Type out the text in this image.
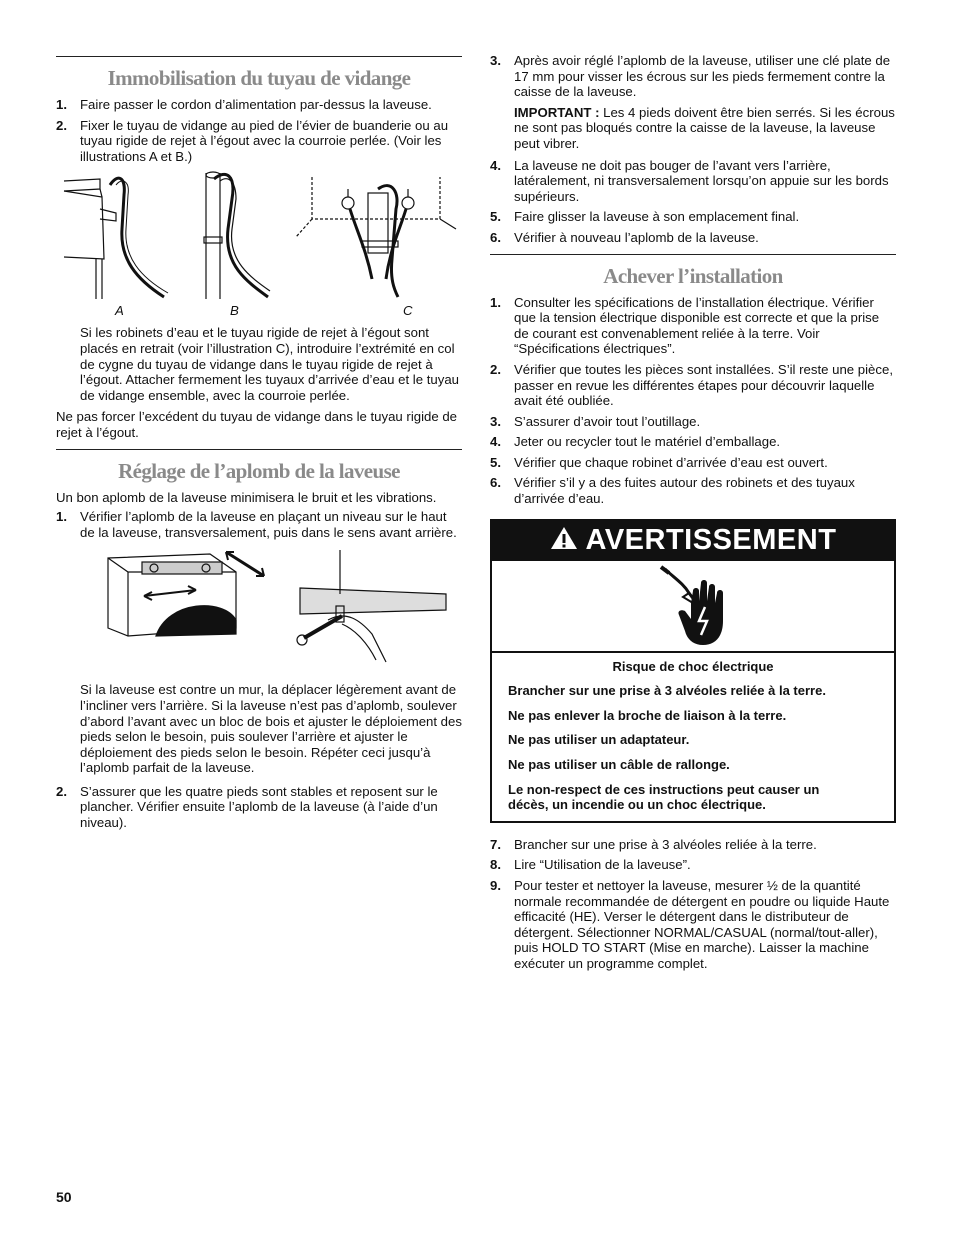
Immobilisation du tuyau de vidange
1. Faire passer le cordon d’alimentation par-dessus la laveuse.
2. Fixer le tuyau de vidange au pied de l’évier de buanderie ou au tuyau rigide de rejet à l’égout avec la courroie perlée. (Voir les illustrations A et B.)
A	B	C

Si les robinets d’eau et le tuyau rigide de rejet à l’égout sont placés en retrait (voir l’illustration C), introduire l’extrémité en col de cygne du tuyau de vidange dans le tuyau rigide de rejet à l’égout. Attacher fermement les tuyaux d’arrivée d’eau et le tuyau de vidange ensemble, avec la courroie perlée.

Ne pas forcer l’excédent du tuyau de vidange dans le tuyau rigide de rejet à l’égout.

Réglage de l’aplomb de la laveuse

Un bon aplomb de la laveuse minimisera le bruit et les vibrations.

1. Vérifier l’aplomb de la laveuse en plaçant un niveau sur le haut de la laveuse, transversalement, puis dans le sens avant arrière.

Si la laveuse est contre un mur, la déplacer légèrement avant de l’incliner vers l’arrière. Si la laveuse n’est pas d’aplomb, soulever d’abord l’avant avec un bloc de bois et ajuster le déploiement des pieds selon le besoin, puis soulever l’arrière et ajuster le déploiement des pieds selon le besoin. Répéter ceci jusqu’à l’aplomb parfait de la laveuse.

2. S’assurer que les quatre pieds sont stables et reposent sur le plancher. Vérifier ensuite l’aplomb de la laveuse (à l’aide d’un niveau).
3. Après avoir réglé l’aplomb de la laveuse, utiliser une clé plate de 17 mm pour visser les écrous sur les pieds fermement contre la caisse de la laveuse.

IMPORTANT : Les 4 pieds doivent être bien serrés. Si les écrous ne sont pas bloqués contre la caisse de la laveuse, la laveuse peut vibrer.

4. La laveuse ne doit pas bouger de l’avant vers l’arrière, latéralement, ni transversalement lorsqu’on appuie sur les bords supérieurs.
5. Faire glisser la laveuse à son emplacement final.
6. Vérifier à nouveau l’aplomb de la laveuse.
Achever l’installation
1. Consulter les spécifications de l’installation électrique. Vérifier que la tension électrique disponible est correcte et que la prise de courant est convenablement reliée à la terre. Voir “Spécifications électriques”.
2. Vérifier que toutes les pièces sont installées. S’il reste une pièce, passer en revue les différentes étapes pour découvrir laquelle avait été oubliée.
3. S’assurer d’avoir tout l’outillage.
4. Jeter ou recycler tout le matériel d’emballage.
5. Vérifier que chaque robinet d’arrivée d’eau est ouvert.
6. Vérifier s’il y a des fuites autour des robinets et des tuyaux d’arrivée d’eau.
AVERTISSEMENT
Risque de choc électrique
Brancher sur une prise à 3 alvéoles reliée à la terre.
Ne pas enlever la broche de liaison à la terre.
Ne pas utiliser un adaptateur.
Ne pas utiliser un câble de rallonge.
Le non-respect de ces instructions peut causer un décès, un incendie ou un choc électrique.
7. Brancher sur une prise à 3 alvéoles reliée à la terre.
8. Lire “Utilisation de la laveuse”.
9. Pour tester et nettoyer la laveuse, mesurer ½ de la quantité normale recommandée de détergent en poudre ou liquide Haute efficacité (HE). Verser le détergent dans le distributeur de détergent. Sélectionner NORMAL/CASUAL (normal/tout-aller), puis HOLD TO START (Mise en marche). Laisser la machine exécuter un programme complet.
50
